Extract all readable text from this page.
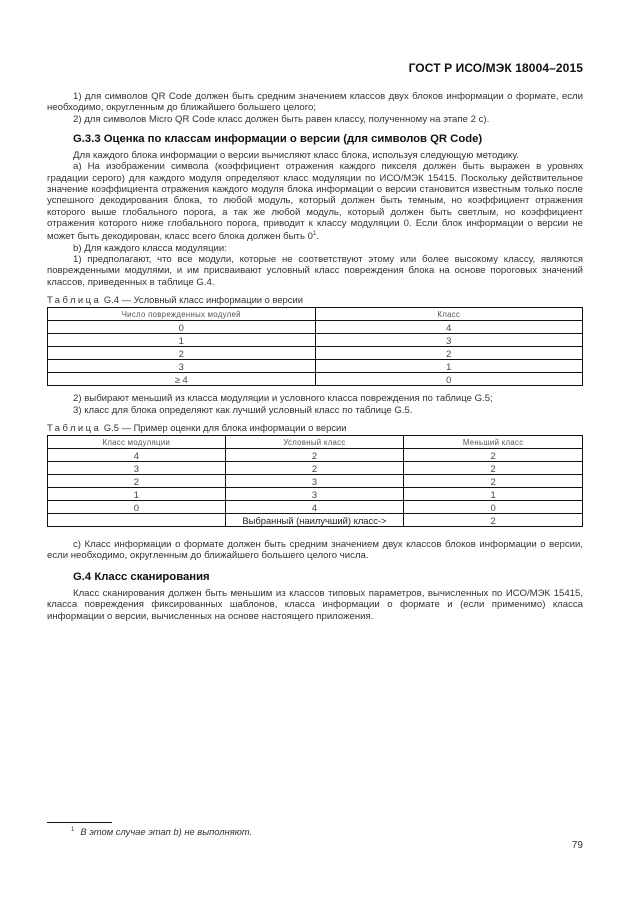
ГОСТ Р ИСО/МЭК 18004–2015

1) для символов QR Code должен быть средним значением классов двух блоков информации о формате, если необходимо, округленным до ближайшего большего целого;

2) для символов Micro QR Code класс должен быть равен классу, полученному на этапе 2 c).

G.3.3 Оценка по классам информации о версии (для символов QR Code)

Для каждого блока информации о версии вычисляют класс блока, используя следующую методику.

a) На изображении символа (коэффициент отражения каждого пикселя должен быть выражен в уровнях градации серого) для каждого модуля определяют класс модуляции по ИСО/МЭК 15415. Поскольку действительное значение коэффициента отражения каждого модуля блока информации о версии становится известным только после успешного декодирования блока, то любой модуль, который должен быть темным, но коэффициент отражения которого выше глобального порога, а так же любой модуль, который должен быть светлым, но коэффициент отражения которого ниже глобального порога, приводит к классу модуляции 0. Если блок информации о версии не может быть декодирован, класс всего блока должен быть $0^1$.

b) Для каждого класса модуляции:

1) предполагают, что все модули, которые не соответствуют этому или более высокому классу, являются поврежденными модулями, и им присваивают условный класс повреждения блока на основе пороговых значений классов, приведенных в таблице G.4.

Таблица G.4 — Условный класс информации о версии
Число поврежденных модулей	Класс
0	4
1	3
2	2
3	1
≥ 4	0

2) выбирают меньший из класса модуляции и условного класса повреждения по таблице G.5;

3) класс для блока определяют как лучший условный класс по таблице G.5.

Таблица G.5 — Пример оценки для блока информации о версии
Класс модуляции	Условный класс	Меньший класс
4	2	2
3	2	2
2	3	2
1	3	1
0	4	0
	Выбранный (наилучший) класс->	2

c) Класс информации о формате должен быть средним значением двух классов блоков информации о версии, если необходимо, округленным до ближайшего большего целого числа.

G.4 Класс сканирования

Класс сканирования должен быть меньшим из классов типовых параметров, вычисленных по ИСО/МЭК 15415, класса повреждения фиксированных шаблонов, класса информации о формате и (если применимо) класса информации о версии, вычисленных на основе настоящего приложения.

$^1$ В этом случае этап b) не выполняют.
79
